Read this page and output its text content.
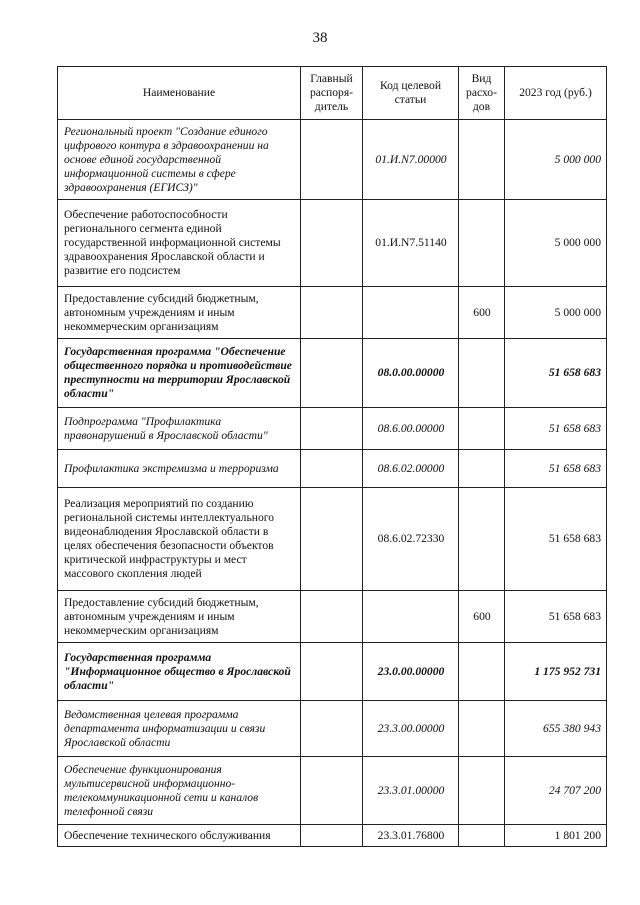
38
Наименование	Главный распоря-дитель	Код целевой статьи	Вид расхо-дов	2023 год (руб.)
Региональный проект "Создание единого цифрового контура в здравоохранении на основе единой государственной информационной системы в сфере здравоохранения (ЕГИСЗ)"		01.И.N7.00000		5 000 000
Обеспечение работоспособности регионального сегмента единой государственной информационной системы здравоохранения Ярославской области и развитие его подсистем		01.И.N7.51140		5 000 000
Предоставление субсидий бюджетным, автономным учреждениям и иным некоммерческим организациям			600	5 000 000
Государственная программа "Обеспечение общественного порядка и противодействие преступности на территории Ярославской области"		08.0.00.00000		51 658 683
Подпрограмма "Профилактика правонарушений в Ярославской области"		08.6.00.00000		51 658 683
Профилактика экстремизма и терроризма		08.6.02.00000		51 658 683
Реализация мероприятий по созданию региональной системы интеллектуального видеонаблюдения Ярославской области в целях обеспечения безопасности объектов критической инфраструктуры и мест массового скопления людей		08.6.02.72330		51 658 683
Предоставление субсидий бюджетным, автономным учреждениям и иным некоммерческим организациям			600	51 658 683
Государственная программа "Информационное общество в Ярославской области"		23.0.00.00000		1 175 952 731
Ведомственная целевая программа департамента информатизации и связи Ярославской области		23.3.00.00000		655 380 943
Обеспечение функционирования мультисервисной информационно-телекоммуникационной сети и каналов телефонной связи		23.3.01.00000		24 707 200
Обеспечение технического обслуживания		23.3.01.76800		1 801 200
